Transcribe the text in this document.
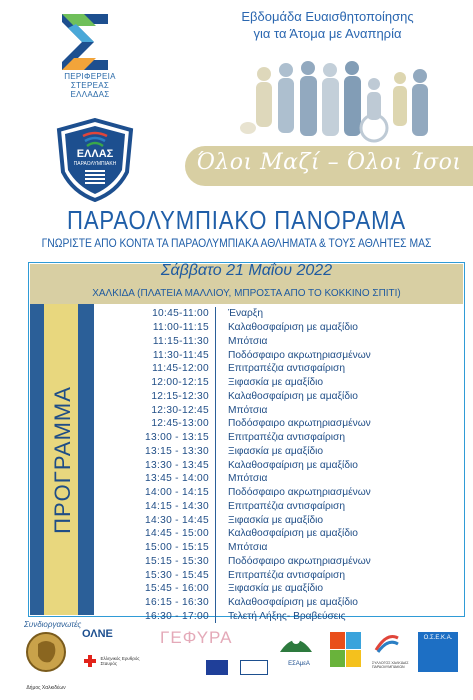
ΠΕΡΙΦΕΡΕΙΑ
ΣΤΕΡΕΑΣ
ΕΛΛΑΔΑΣ
Εβδομάδα Ευαισθητοποίησης
για τα Άτομα με Αναπηρία
ΕΛΛΑΣ
ΠΑΡΑΟΛΥΜΠΙΑΚΗ	Όλοι Μαζί – Όλοι Ίσοι
ΠΑΡΑΟΛΥΜΠΙΑΚΟ ΠΑΝΟΡΑΜΑ
ΓΝΩΡΙΣΤΕ ΑΠΟ ΚΟΝΤΑ ΤΑ ΠΑΡΑΟΛΥΜΠΙΑΚΑ ΑΘΛΗΜΑΤΑ & ΤΟΥΣ ΑΘΛΗΤΕΣ ΜΑΣ
Σάββατο 21 Μαΐου 2022
ΧΑΛΚΙΔΑ (ΠΛΑΤΕΙΑ ΜΑΛΛΙΟΥ, ΜΠΡΟΣΤΑ ΑΠΟ ΤΟ ΚΟΚΚΙΝΟ ΣΠΙΤΙ)
ΠΡΟΓΡΑΜΜΑ
10:45-11:00	Έναρξη
11:00-11:15	Καλαθοσφαίριση με αμαξίδιο
11:15-11:30	Μπότσια
11:30-11:45	Ποδόσφαιρο ακρωτηριασμένων
11:45-12:00	Επιτραπέζια αντισφαίριση
12:00-12:15	Ξιφασκία με αμαξίδιο
12:15-12:30	Καλαθοσφαίριση με αμαξίδιο
12:30-12:45	Μπότσια
12:45-13:00	Ποδόσφαιρο ακρωτηριασμένων
13:00 - 13:15	Επιτραπέζια αντισφαίριση
13:15 - 13:30	Ξιφασκία με αμαξίδιο
13:30 - 13:45	Καλαθοσφαίριση με αμαξίδιο
13:45 - 14:00	Μπότσια
14:00 - 14:15	Ποδόσφαιρο ακρωτηριασμένων
14:15 - 14:30	Επιτραπέζια αντισφαίριση
14:30 - 14:45	Ξιφασκία με αμαξίδιο
14:45 - 15:00	Καλαθοσφαίριση με αμαξίδιο
15:00 - 15:15	Μπότσια
15:15 - 15:30	Ποδόσφαιρο ακρωτηριασμένων
15:30 - 15:45	Επιτραπέζια αντισφαίριση
15:45 - 16:00	Ξιφασκία με αμαξίδιο
16:15 - 16:30	Καλαθοσφαίριση με αμαξίδιο
16:30 - 17:00	Τελετή Λήξης- Βραβεύσεις
Συνδιοργανωτές
Δήμος Χαλκιδέων
ΟΛΝΕ
Ελληνικός Ερυθρός Σταυρός
ΓΕΦΥΡΑ
ΕΣΑμεΑ	ΣΥΛΛΟΓΟΣ ΧΑΛΚΙΔΑΣ ΠΑΡΑΟΛΥΜΠΙΑΚΩΝ
Ο.Σ.Ε.Κ.Α.
